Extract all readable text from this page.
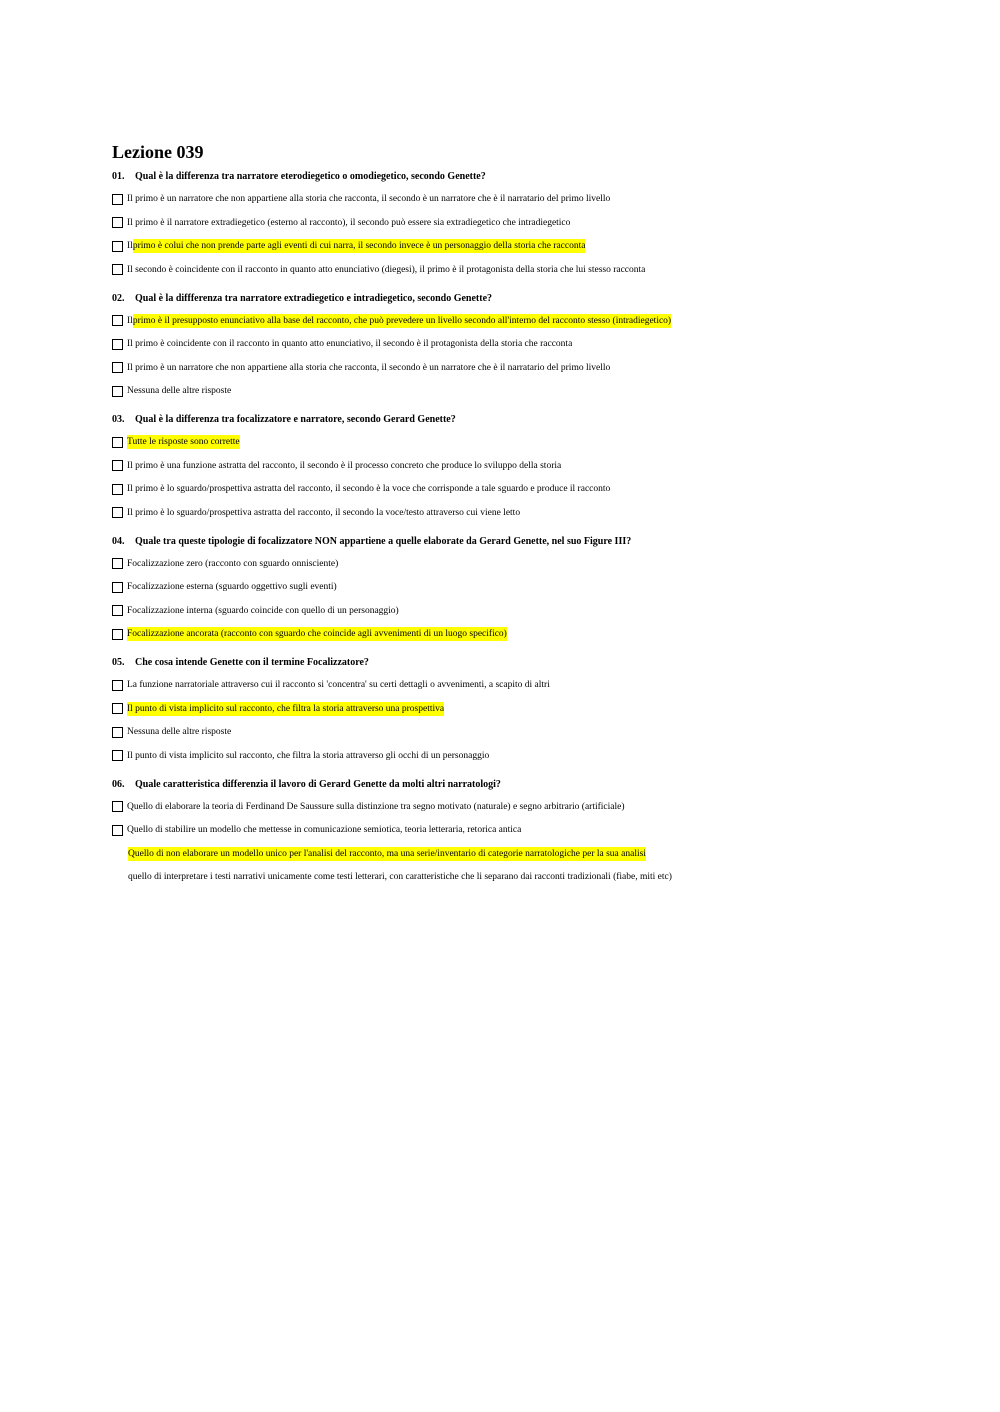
Lezione 039
01. Qual è la differenza tra narratore eterodiegetico o omodiegetico, secondo Genette?
Il primo è un narratore che non appartiene alla storia che racconta, il secondo è un narratore che è il narratario del primo livello
Il primo è il narratore extradiegetico (esterno al racconto), il secondo può essere sia extradiegetico che intradiegetico
Il primo è colui che non prende parte agli eventi di cui narra, il secondo invece è un personaggio della storia che racconta
Il secondo è coincidente con il racconto in quanto atto enunciativo (diegesi), il primo è il protagonista della storia che lui stesso racconta
02. Qual è la diffferenza tra narratore extradiegetico e intradiegetico, secondo Genette?
Il primo è il presupposto enunciativo alla base del racconto, che può prevedere un livello secondo all'interno del racconto stesso (intradiegetico)
Il primo è coincidente con il racconto in quanto atto enunciativo, il secondo è il protagonista della storia che racconta
Il primo è un narratore che non appartiene alla storia che racconta, il secondo è un narratore che è il narratario del primo livello
Nessuna delle altre risposte
03. Qual è la differenza tra focalizzatore e narratore, secondo Gerard Genette?
Tutte le risposte sono corrette
Il primo è una funzione astratta del racconto, il secondo è il processo concreto che produce lo sviluppo della storia
Il primo è lo sguardo/prospettiva astratta del racconto, il secondo è la voce che corrisponde a tale sguardo e produce il racconto
Il primo è lo sguardo/prospettiva astratta del racconto, il secondo la voce/testo attraverso cui viene letto
04. Quale tra queste tipologie di focalizzatore NON appartiene a quelle elaborate da Gerard Genette, nel suo Figure III?
Focalizzazione zero (racconto con sguardo onnisciente)
Focalizzazione esterna (sguardo oggettivo sugli eventi)
Focalizzazione interna (sguardo coincide con quello di un personaggio)
Focalizzazione ancorata (racconto con sguardo che coincide agli avvenimenti di un luogo specifico)
05. Che cosa intende Genette con il termine Focalizzatore?
La funzione narratoriale attraverso cui il racconto si 'concentra' su certi dettagli o avvenimenti, a scapito di altri
Il punto di vista implicito sul racconto, che filtra la storia attraverso una prospettiva
Nessuna delle altre risposte
Il punto di vista implicito sul racconto, che filtra la storia attraverso gli occhi di un personaggio
06. Quale caratteristica differenzia il lavoro di Gerard Genette da molti altri narratologi?
Quello di elaborare la teoria di Ferdinand De Saussure sulla distinzione tra segno motivato (naturale) e segno arbitrario (artificiale)
Quello di stabilire un modello che mettesse in comunicazione semiotica, teoria letteraria, retorica antica
Quello di non elaborare un modello unico per l'analisi del racconto, ma una serie/inventario di categorie narratologiche per la sua analisi
quello di interpretare i testi narrativi unicamente come testi letterari, con caratteristiche che li separano dai racconti tradizionali (fiabe, miti etc)
